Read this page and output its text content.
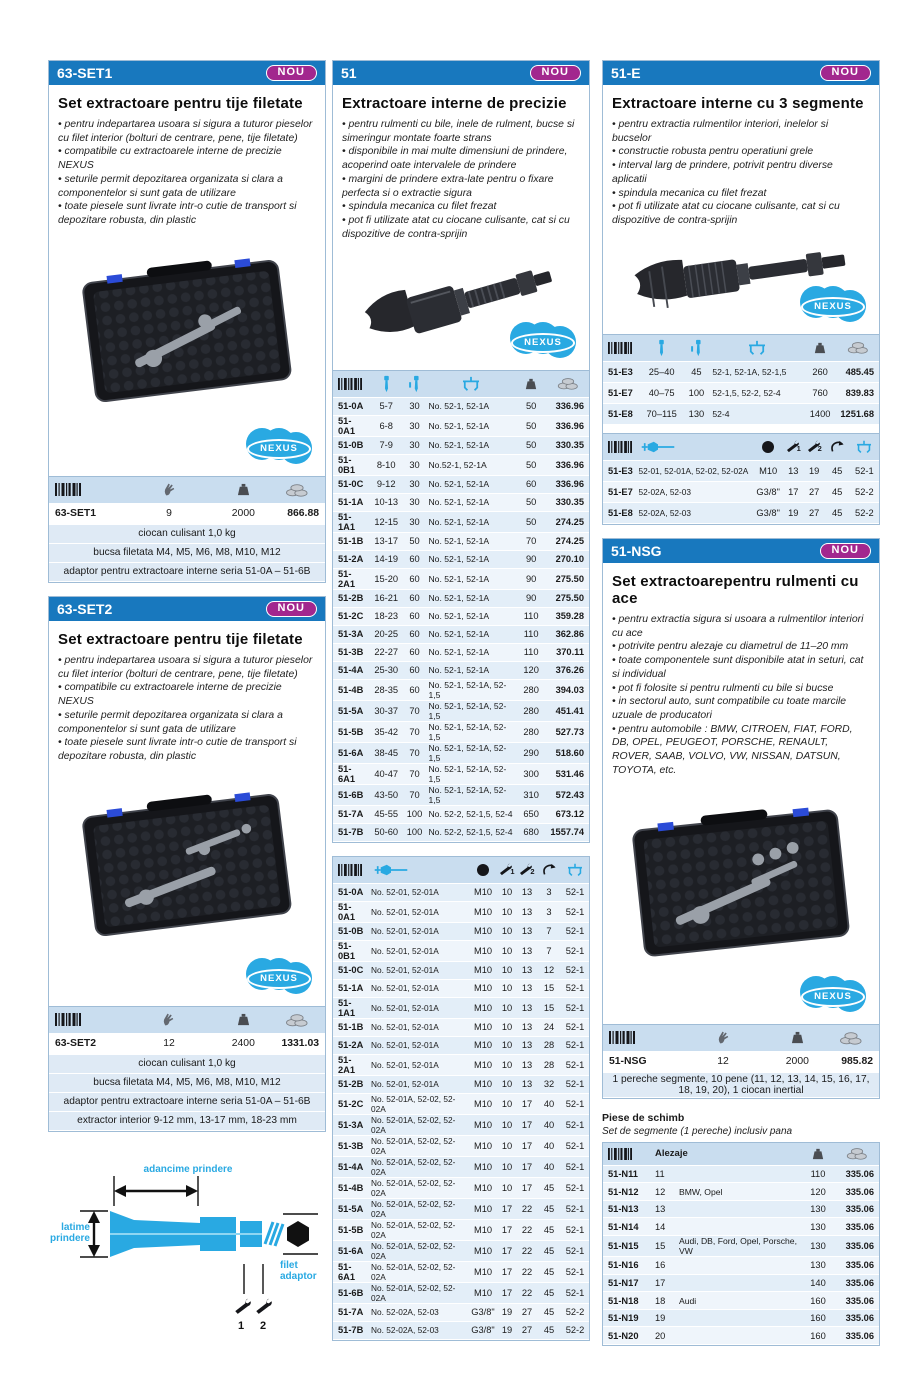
63-SET1	NOU
Set extractoare pentru tije filetate
• pentru indepartarea usoara si sigura a tuturor pieselor cu filet interior (bolturi de centrare, pene, tije filetate)
• compatibile cu extractoarele interne de precizie NEXUS
• seturile permit depozitarea organizata si clara a componentelor si sunt gata de utilizare
• toate piesele sunt livrate intr-o cutie de transport si depozitare robusta, din plastic
NEXUS

63-SET1	9	2000	866.88
ciocan culisant 1,0 kg			
bucsa filetata M4, M5, M6, M8, M10, M12			
adaptor pentru extractoare interne seria 51-0A – 51-6B			
63-SET2	NOU
Set extractoare pentru tije filetate
• pentru indepartarea usoara si sigura a tuturor pieselor cu filet interior (bolturi de centrare, pene, tije filetate)
• compatibile cu extractoarele interne de precizie NEXUS
• seturile permit depozitarea organizata si clara a componentelor si sunt gata de utilizare
• toate piesele sunt livrate intr-o cutie de transport si depozitare robusta, din plastic
NEXUS

63-SET2	12	2400	1331.03
ciocan culisant 1,0 kg			
bucsa filetata M4, M5, M6, M8, M10, M12			
adaptor pentru extractoare interne seria 51-0A – 51-6B			
extractor interior 9-12 mm, 13-17 mm, 18-23 mm			
adancime prindere
latime prindere
filet adaptor
1 2
51	NOU
Extractoare interne de precizie
• pentru rulmenti cu bile, inele de rulment, bucse si simeringur montate foarte strans
• disponibile in mai multe dimensiuni de prindere, acoperind oate intervalele de prindere
• margini de prindere extra-late pentru o fixare perfecta si o extractie sigura
• spindula mecanica cu filet frezat
• pot fi utilizate atat cu ciocane culisante, cat si cu dispozitive de contra-sprijin
NEXUS

51-0A	5-7	30	No. 52-1, 52-1A	50	336.96
51-0A1	6-8	30	No. 52-1, 52-1A	50	336.96
51-0B	7-9	30	No. 52-1, 52-1A	50	330.35
51-0B1	8-10	30	No.52-1, 52-1A	50	336.96
51-0C	9-12	30	No. 52-1, 52-1A	60	336.96
51-1A	10-13	30	No. 52-1, 52-1A	50	330.35
51-1A1	12-15	30	No. 52-1, 52-1A	50	274.25
51-1B	13-17	50	No. 52-1, 52-1A	70	274.25
51-2A	14-19	60	No. 52-1, 52-1A	90	270.10
51-2A1	15-20	60	No. 52-1, 52-1A	90	275.50
51-2B	16-21	60	No. 52-1, 52-1A	90	275.50
51-2C	18-23	60	No. 52-1, 52-1A	110	359.28
51-3A	20-25	60	No. 52-1, 52-1A	110	362.86
51-3B	22-27	60	No. 52-1, 52-1A	110	370.11
51-4A	25-30	60	No. 52-1, 52-1A	120	376.26
51-4B	28-35	60	No. 52-1, 52-1A, 52-1,5	280	394.03
51-5A	30-37	70	No. 52-1, 52-1A, 52-1,5	280	451.41
51-5B	35-42	70	No. 52-1, 52-1A, 52-1,5	280	527.73
51-6A	38-45	70	No. 52-1, 52-1A, 52-1,5	290	518.60
51-6A1	40-47	70	No. 52-1, 52-1A, 52-1,5	300	531.46
51-6B	43-50	70	No. 52-1, 52-1A, 52-1,5	310	572.43
51-7A	45-55	100	No. 52-2, 52-1,5, 52-4	650	673.12
51-7B	50-60	100	No. 52-2, 52-1,5, 52-4	680	1557.74
			1	2		
51-0A	No. 52-01, 52-01A	M10	10	13	3	52-1
51-0A1	No. 52-01, 52-01A	M10	10	13	3	52-1
51-0B	No. 52-01, 52-01A	M10	10	13	7	52-1
51-0B1	No. 52-01, 52-01A	M10	10	13	7	52-1
51-0C	No. 52-01, 52-01A	M10	10	13	12	52-1
51-1A	No. 52-01, 52-01A	M10	10	13	15	52-1
51-1A1	No. 52-01, 52-01A	M10	10	13	15	52-1
51-1B	No. 52-01, 52-01A	M10	10	13	24	52-1
51-2A	No. 52-01, 52-01A	M10	10	13	28	52-1
51-2A1	No. 52-01, 52-01A	M10	10	13	28	52-1
51-2B	No. 52-01, 52-01A	M10	10	13	32	52-1
51-2C	No. 52-01A, 52-02, 52-02A	M10	10	17	40	52-1
51-3A	No. 52-01A, 52-02, 52-02A	M10	10	17	40	52-1
51-3B	No. 52-01A, 52-02, 52-02A	M10	10	17	40	52-1
51-4A	No. 52-01A, 52-02, 52-02A	M10	10	17	40	52-1
51-4B	No. 52-01A, 52-02, 52-02A	M10	10	17	45	52-1
51-5A	No. 52-01A, 52-02, 52-02A	M10	17	22	45	52-1
51-5B	No. 52-01A, 52-02, 52-02A	M10	17	22	45	52-1
51-6A	No. 52-01A, 52-02, 52-02A	M10	17	22	45	52-1
51-6A1	No. 52-01A, 52-02, 52-02A	M10	17	22	45	52-1
51-6B	No. 52-01A, 52-02, 52-02A	M10	17	22	45	52-1
51-7A	No. 52-02A, 52-03	G3/8"	19	27	45	52-2
51-7B	No. 52-02A, 52-03	G3/8"	19	27	45	52-2
51-E	NOU
Extractoare interne cu 3 segmente
• pentru extractia rulmentilor interiori, inelelor si bucselor
• constructie robusta pentru operatiuni grele
• interval larg de prindere, potrivit pentru diverse aplicatii
• spindula mecanica cu filet frezat
• pot fi utilizate atat cu ciocane culisante, cat si cu dispozitive de contra-sprijin
NEXUS

51-E3	25–40	45	52-1, 52-1A, 52-1,5	260	485.45
51-E7	40–75	100	52-1,5, 52-2, 52-4	760	839.83
51-E8	70–115	130	52-4	1400	1251.68
			1	2		
51-E3	52-01, 52-01A, 52-02, 52-02A	M10	13	19	45	52-1
51-E7	52-02A, 52-03	G3/8"	17	27	45	52-2
51-E8	52-02A, 52-03	G3/8"	19	27	45	52-2
51-NSG	NOU
Set extractoarepentru rulmenti cu ace
• pentru extractia sigura si usoara a rulmentilor interiori cu ace
• potrivite pentru alezaje cu diametrul de 11–20 mm
• toate componentele sunt disponibile atat in seturi, cat si individual
• pot fi folosite si pentru rulmenti cu bile si bucse
• in sectorul auto, sunt compatibile cu toate marcile uzuale de producatori
• pentru automobile : BMW, CITROEN, FIAT, FORD, DB, OPEL, PEUGEOT, PORSCHE, RENAULT, ROVER, SAAB, VOLVO, VW, NISSAN, DATSUN, TOYOTA, etc.
NEXUS

51-NSG	12	2000	985.82
1 pereche segmente, 10 pene (11, 12, 13, 14, 15, 16, 17, 18, 19, 20), 1 ciocan inertial			
Piese de schimb
Set de segmente (1 pereche) inclusiv pana
	Alezaje		
51-N11	11		110	335.06
51-N12	12	BMW, Opel	120	335.06
51-N13	13		130	335.06
51-N14	14		130	335.06
51-N15	15	Audi, DB, Ford, Opel, Porsche, VW	130	335.06
51-N16	16		130	335.06
51-N17	17		140	335.06
51-N18	18	Audi	160	335.06
51-N19	19		160	335.06
51-N20	20		160	335.06
